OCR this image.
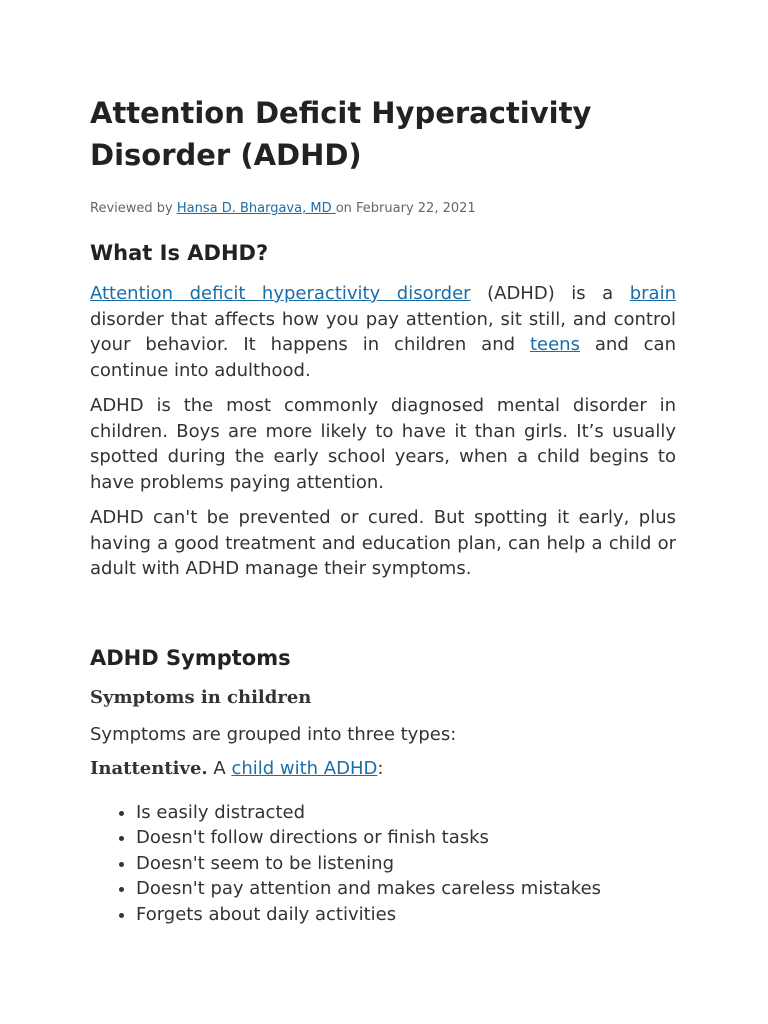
Attention Deficit Hyperactivity Disorder (ADHD)
Reviewed by Hansa D. Bhargava, MD on February 22, 2021
What Is ADHD?

Attention deficit hyperactivity disorder (ADHD) is a brain disorder that affects how you pay attention, sit still, and control your behavior. It happens in children and teens and can continue into adulthood.

ADHD is the most commonly diagnosed mental disorder in children. Boys are more likely to have it than girls. It’s usually spotted during the early school years, when a child begins to have problems paying attention.

ADHD can't be prevented or cured. But spotting it early, plus having a good treatment and education plan, can help a child or adult with ADHD manage their symptoms.

ADHD Symptoms
Symptoms in children

Symptoms are grouped into three types:

Inattentive. A child with ADHD:

• Is easily distracted
• Doesn't follow directions or finish tasks
• Doesn't seem to be listening
• Doesn't pay attention and makes careless mistakes
• Forgets about daily activities
